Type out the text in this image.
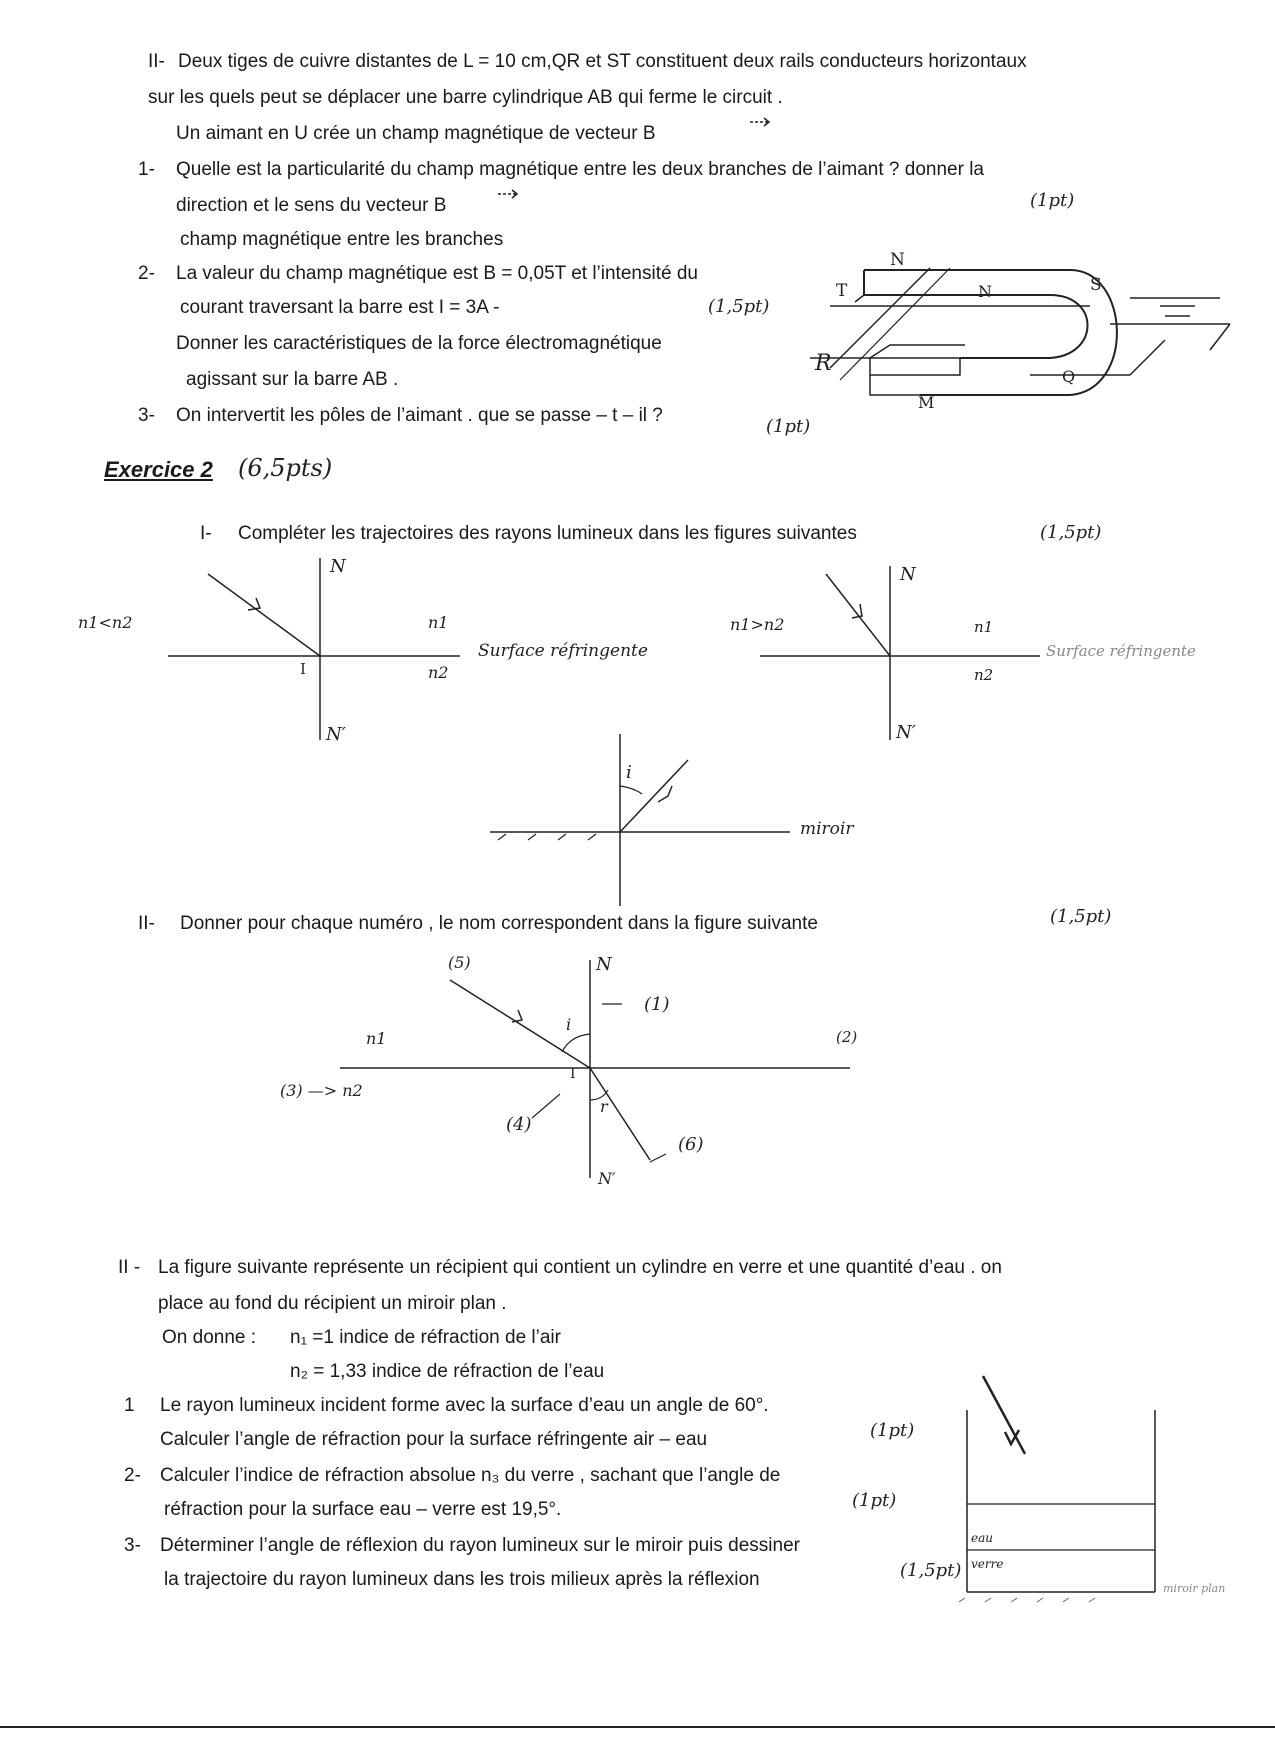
II- Deux tiges de cuivre distantes de L = 10 cm,QR et ST constituent deux rails conducteurs horizontaux
sur les quels peut se déplacer une barre cylindrique AB qui ferme le circuit .
Un aimant en U crée un champ magnétique de vecteur B
1- Quelle est la particularité du champ magnétique entre les deux branches de l’aimant ? donner la
direction et le sens du vecteur B	(1pt)
champ magnétique entre les branches
2- La valeur du champ magnétique est B = 0,05T et l’intensité du
courant traversant la barre est I = 3A -	(1,5pt)
Donner les caractéristiques de la force électromagnétique
agissant sur la barre AB .
3- On intervertit les pôles de l’aimant . que se passe – t – il ?
(1pt)
N
T	N	S
R
Q
M
Exercice 2 (6,5pts)
I- Compléter les trajectoires des rayons lumineux dans les figures suivantes	(1,5pt)
N
N′
I
n1<n2	n1
n2
Surface réfringente
N
N′
n1>n2	n1
n2
Surface réfringente
i
miroir
II- Donner pour chaque numéro , le nom correspondent dans la figure suivante	(1,5pt)
N
N′
I
i
r
n1
(3) —> n2
(1)
(2)
(4)
(5)
(6)
II - La figure suivante représente un récipient qui contient un cylindre en verre et une quantité d’eau . on
place au fond du récipient un miroir plan .
On donne : n₁ =1 indice de réfraction de l’air
n₂ = 1,33 indice de réfraction de l’eau
1 Le rayon lumineux incident forme avec la surface d’eau un angle de 60°.
Calculer l’angle de réfraction pour la surface réfringente air – eau	(1pt)
2- Calculer l’indice de réfraction absolue n₃ du verre , sachant que l’angle de
réfraction pour la surface eau – verre est 19,5°.	(1pt)
3- Déterminer l’angle de réflexion du rayon lumineux sur le miroir puis dessiner
la trajectoire du rayon lumineux dans les trois milieux après la réflexion	(1,5pt)
eau
verre
miroir plan
